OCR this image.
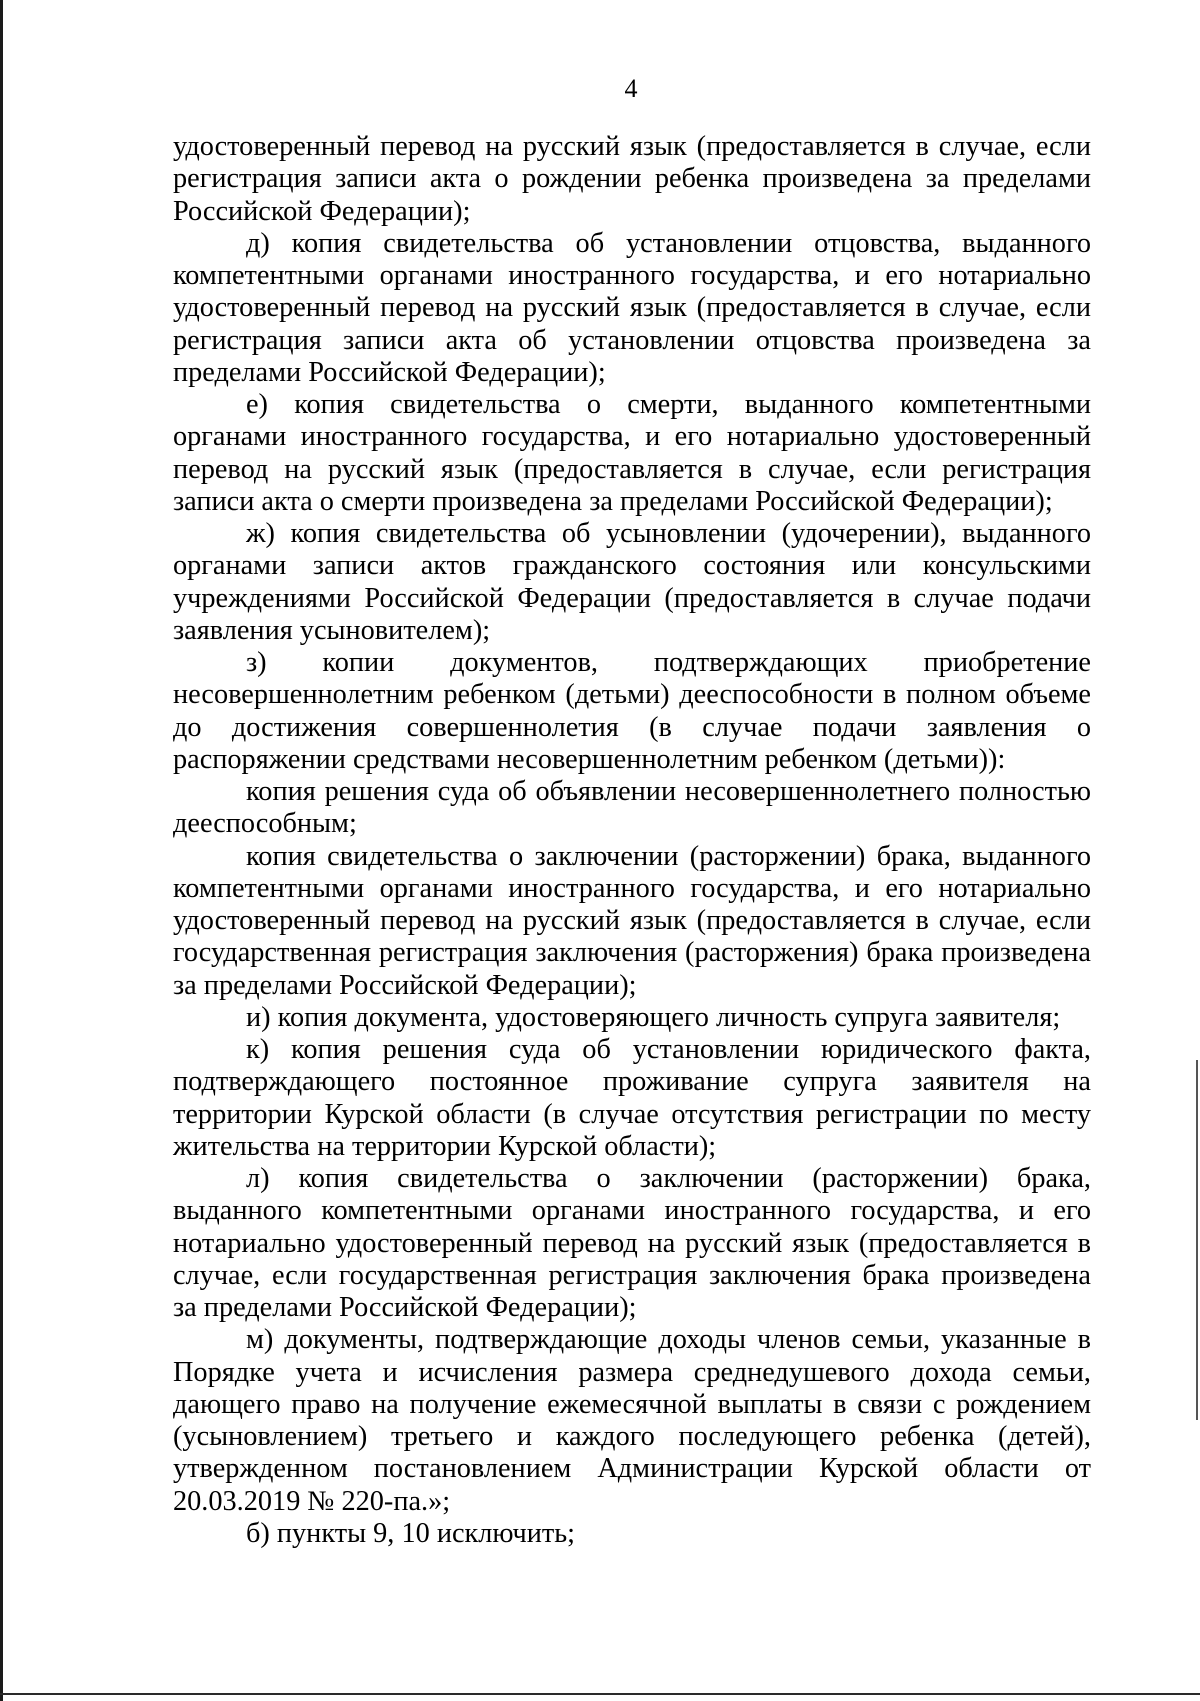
4

удостоверенный перевод на русский язык (предоставляется в случае, если регистрация записи акта о рождении ребенка произведена за пределами Российской Федерации);

д) копия свидетельства об установлении отцовства, выданного компетентными органами иностранного государства, и его нотариально удостоверенный перевод на русский язык (предоставляется в случае, если регистрация записи акта об установлении отцовства произведена за пределами Российской Федерации);

е) копия свидетельства о смерти, выданного компетентными органами иностранного государства, и его нотариально удостоверенный перевод на русский язык (предоставляется в случае, если регистрация записи акта о смерти произведена за пределами Российской Федерации);

ж) копия свидетельства об усыновлении (удочерении), выданного органами записи актов гражданского состояния или консульскими учреждениями Российской Федерации (предоставляется в случае подачи заявления усыновителем);

з) копии документов, подтверждающих приобретение несовершеннолетним ребенком (детьми) дееспособности в полном объеме до достижения совершеннолетия (в случае подачи заявления о распоряжении средствами несовершеннолетним ребенком (детьми)):

копия решения суда об объявлении несовершеннолетнего полностью дееспособным;

копия свидетельства о заключении (расторжении) брака, выданного компетентными органами иностранного государства, и его нотариально удостоверенный перевод на русский язык (предоставляется в случае, если государственная регистрация заключения (расторжения) брака произведена за пределами Российской Федерации);

и) копия документа, удостоверяющего личность супруга заявителя;

к) копия решения суда об установлении юридического факта, подтверждающего постоянное проживание супруга заявителя на территории Курской области (в случае отсутствия регистрации по месту жительства на территории Курской области);

л) копия свидетельства о заключении (расторжении) брака, выданного компетентными органами иностранного государства, и его нотариально удостоверенный перевод на русский язык (предоставляется в случае, если государственная регистрация заключения брака произведена за пределами Российской Федерации);

м) документы, подтверждающие доходы членов семьи, указанные в Порядке учета и исчисления размера среднедушевого дохода семьи, дающего право на получение ежемесячной выплаты в связи с рождением (усыновлением) третьего и каждого последующего ребенка (детей), утвержденном постановлением Администрации Курской области от 20.03.2019 № 220-па.»;

б) пункты 9, 10 исключить;
